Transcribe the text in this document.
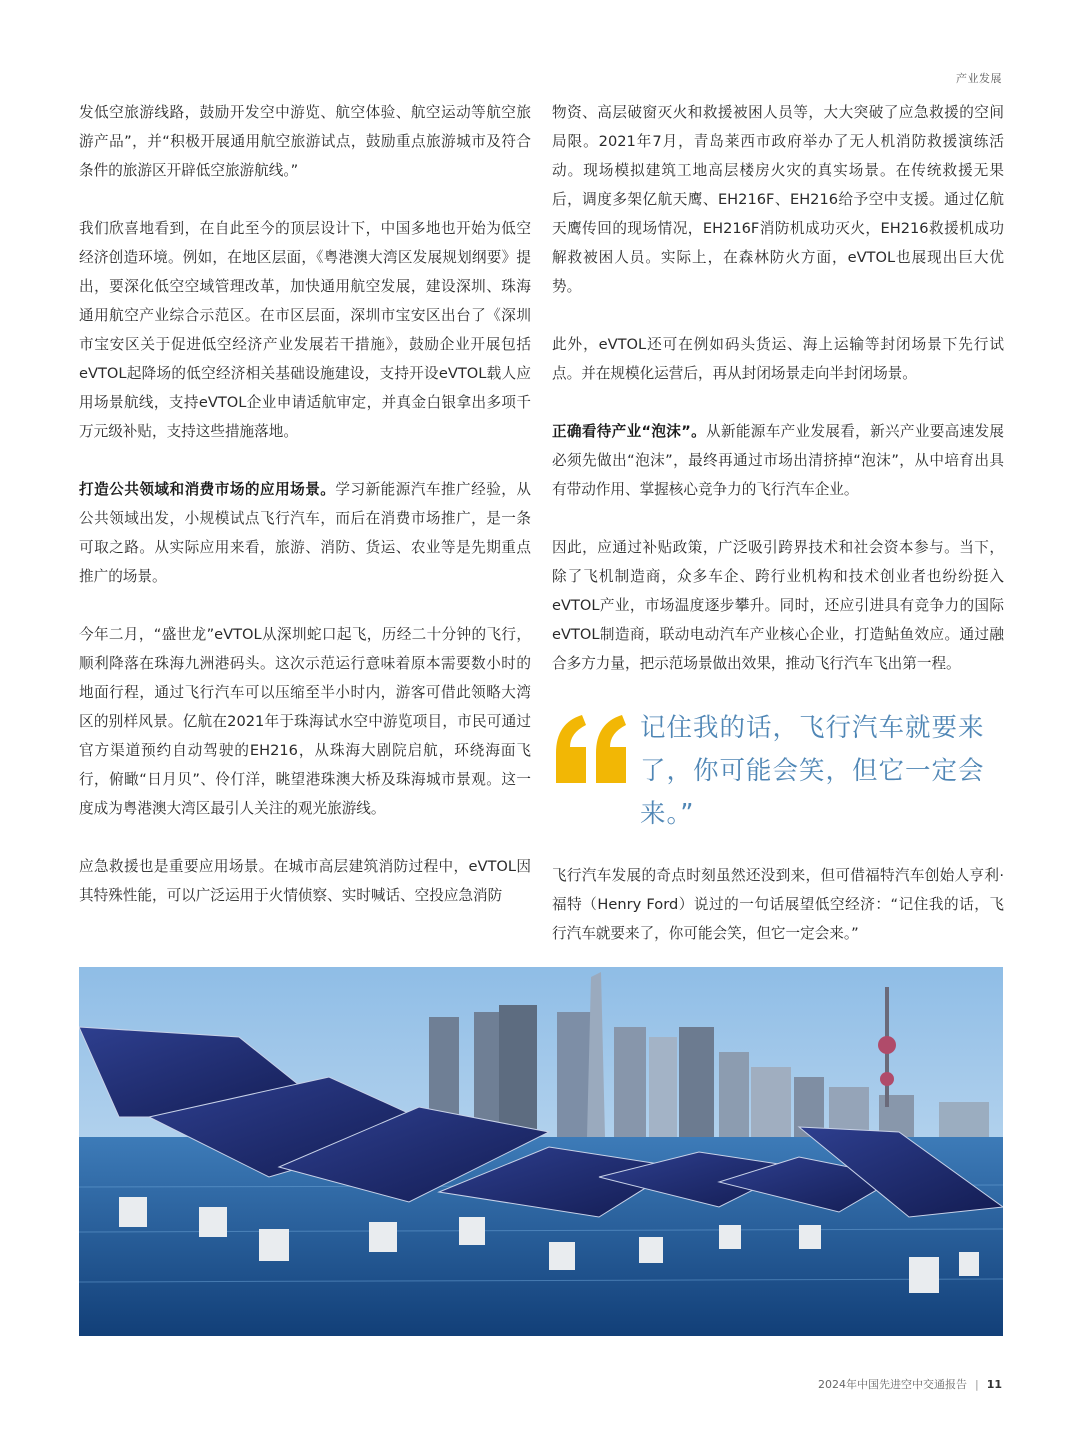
产业发展

发低空旅游线路，鼓励开发空中游览、航空体验、航空运动等航空旅游产品”，并“积极开展通用航空旅游试点，鼓励重点旅游城市及符合条件的旅游区开辟低空旅游航线。”

我们欣喜地看到，在自此至今的顶层设计下，中国多地也开始为低空经济创造环境。例如，在地区层面，《粤港澳大湾区发展规划纲要》提出，要深化低空空域管理改革，加快通用航空发展，建设深圳、珠海通用航空产业综合示范区。在市区层面，深圳市宝安区出台了《深圳市宝安区关于促进低空经济产业发展若干措施》，鼓励企业开展包括eVTOL起降场的低空经济相关基础设施建设，支持开设eVTOL载人应用场景航线，支持eVTOL企业申请适航审定，并真金白银拿出多项千万元级补贴，支持这些措施落地。

打造公共领域和消费市场的应用场景。学习新能源汽车推广经验，从公共领域出发，小规模试点飞行汽车，而后在消费市场推广，是一条可取之路。从实际应用来看，旅游、消防、货运、农业等是先期重点推广的场景。

今年二月，“盛世龙”eVTOL从深圳蛇口起飞，历经二十分钟的飞行，顺利降落在珠海九洲港码头。这次示范运行意味着原本需要数小时的地面行程，通过飞行汽车可以压缩至半小时内，游客可借此领略大湾区的别样风景。亿航在2021年于珠海试水空中游览项目，市民可通过官方渠道预约自动驾驶的EH216，从珠海大剧院启航，环绕海面飞行，俯瞰“日月贝”、伶仃洋，眺望港珠澳大桥及珠海城市景观。这一度成为粤港澳大湾区最引人关注的观光旅游线。

应急救援也是重要应用场景。在城市高层建筑消防过程中，eVTOL因其特殊性能，可以广泛运用于火情侦察、实时喊话、空投应急消防

物资、高层破窗灭火和救援被困人员等，大大突破了应急救援的空间局限。2021年7月，青岛莱西市政府举办了无人机消防救援演练活动。现场模拟建筑工地高层楼房火灾的真实场景。在传统救援无果后，调度多架亿航天鹰、EH216F、EH216给予空中支援。通过亿航天鹰传回的现场情况，EH216F消防机成功灭火，EH216救援机成功解救被困人员。实际上，在森林防火方面，eVTOL也展现出巨大优势。

此外，eVTOL还可在例如码头货运、海上运输等封闭场景下先行试点。并在规模化运营后，再从封闭场景走向半封闭场景。

正确看待产业“泡沫”。从新能源车产业发展看，新兴产业要高速发展必须先做出“泡沫”，最终再通过市场出清挤掉“泡沫”，从中培育出具有带动作用、掌握核心竞争力的飞行汽车企业。

因此，应通过补贴政策，广泛吸引跨界技术和社会资本参与。当下，除了飞机制造商，众多车企、跨行业机构和技术创业者也纷纷挺入eVTOL产业，市场温度逐步攀升。同时，还应引进具有竞争力的国际eVTOL制造商，联动电动汽车产业核心企业，打造鲇鱼效应。通过融合多方力量，把示范场景做出效果，推动飞行汽车飞出第一程。

记住我的话，飞行汽车就要来了，你可能会笑，但它一定会来。”

飞行汽车发展的奇点时刻虽然还没到来，但可借福特汽车创始人亨利·福特（Henry Ford）说过的一句话展望低空经济：“记住我的话，飞行汽车就要来了，你可能会笑，但它一定会来。”

2024年中国先进空中交通报告 | 11
